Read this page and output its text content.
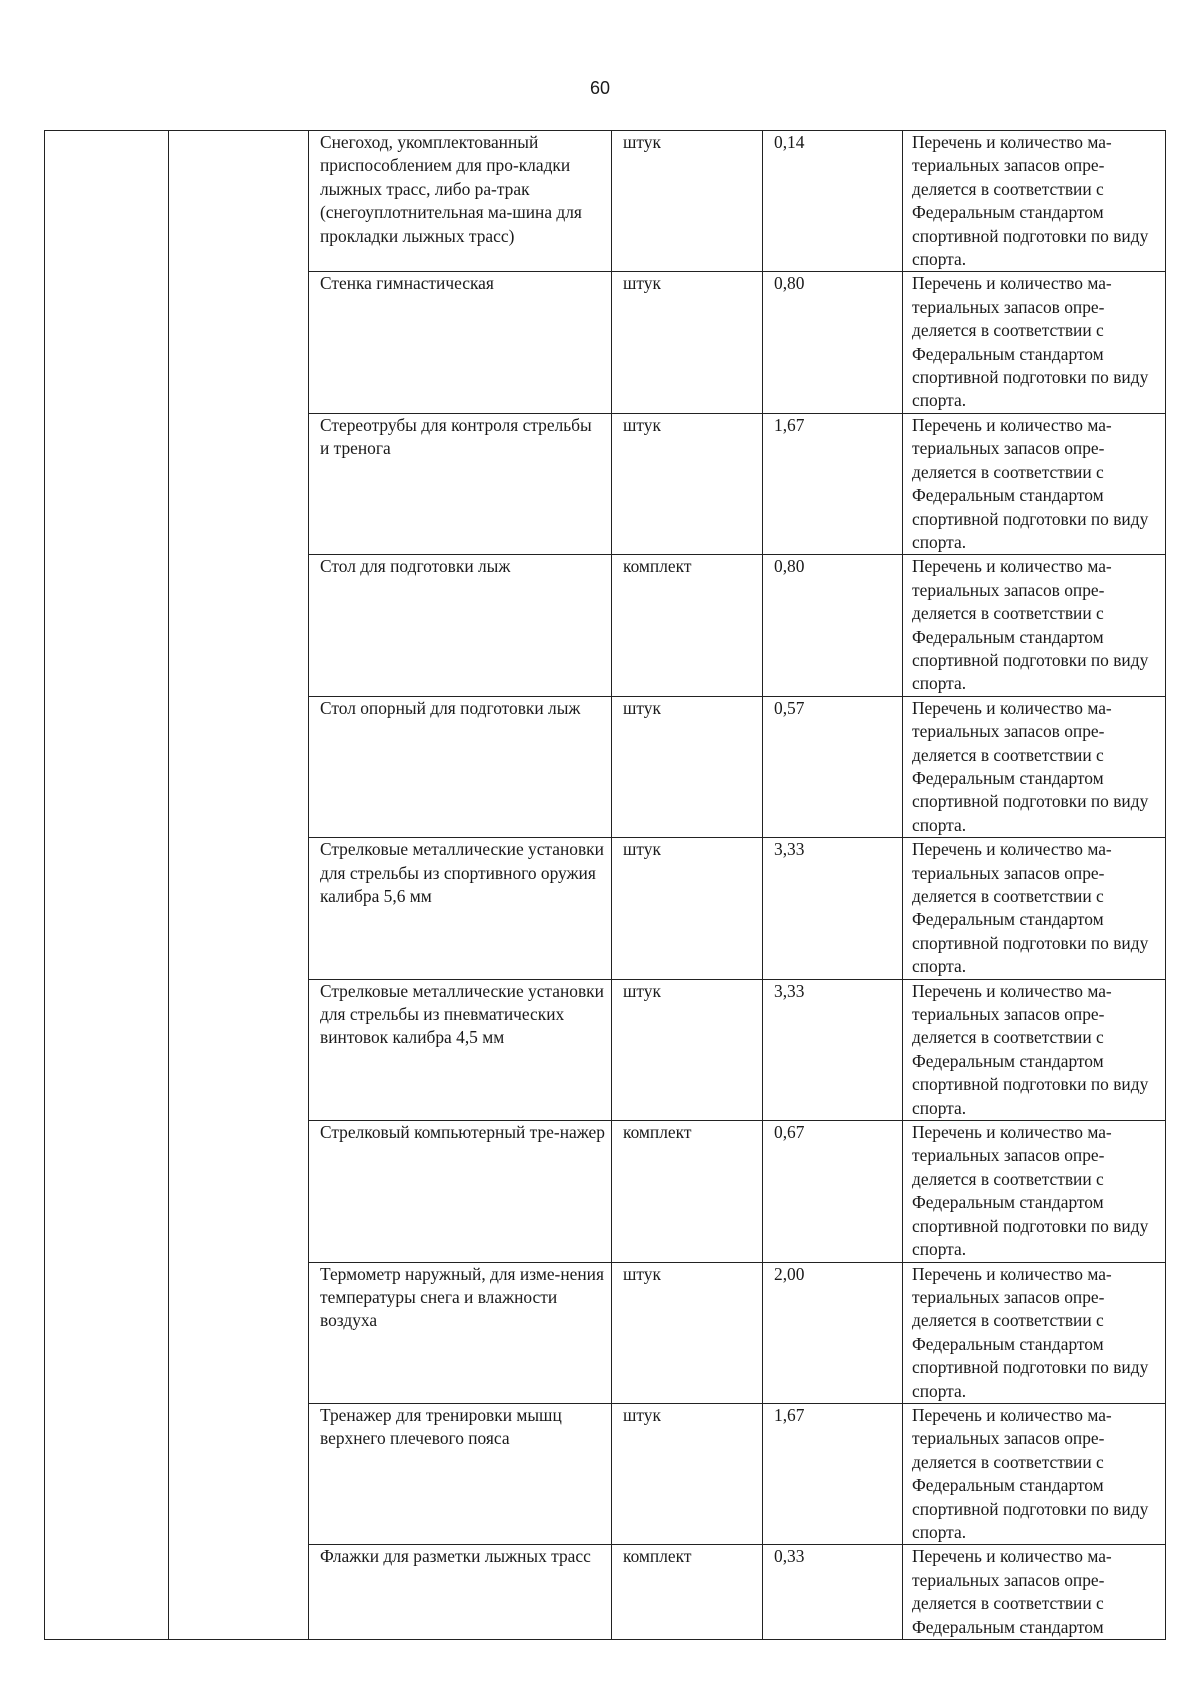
60
		Снегоход, укомплектованный приспособлением для про-кладки лыжных трасс, либо ра-трак (снегоуплотнительная ма-шина для прокладки лыжных трасс)	штук	0,14	Перечень и количество ма-териальных запасов опре-деляется в соответствии с Федеральным стандартом спортивной подготовки по виду спорта.
		Стенка гимнастическая	штук	0,80	Перечень и количество ма-териальных запасов опре-деляется в соответствии с Федеральным стандартом спортивной подготовки по виду спорта.
		Стереотрубы для контроля стрельбы и тренога	штук	1,67	Перечень и количество ма-териальных запасов опре-деляется в соответствии с Федеральным стандартом спортивной подготовки по виду спорта.
		Стол для подготовки лыж	комплект	0,80	Перечень и количество ма-териальных запасов опре-деляется в соответствии с Федеральным стандартом спортивной подготовки по виду спорта.
		Стол опорный для подготовки лыж	штук	0,57	Перечень и количество ма-териальных запасов опре-деляется в соответствии с Федеральным стандартом спортивной подготовки по виду спорта.
		Стрелковые металлические установки для стрельбы из спортивного оружия калибра 5,6 мм	штук	3,33	Перечень и количество ма-териальных запасов опре-деляется в соответствии с Федеральным стандартом спортивной подготовки по виду спорта.
		Стрелковые металлические установки для стрельбы из пневматических винтовок калибра 4,5 мм	штук	3,33	Перечень и количество ма-териальных запасов опре-деляется в соответствии с Федеральным стандартом спортивной подготовки по виду спорта.
		Стрелковый компьютерный тре-нажер	комплект	0,67	Перечень и количество ма-териальных запасов опре-деляется в соответствии с Федеральным стандартом спортивной подготовки по виду спорта.
		Термометр наружный, для изме-нения температуры снега и влажности воздуха	штук	2,00	Перечень и количество ма-териальных запасов опре-деляется в соответствии с Федеральным стандартом спортивной подготовки по виду спорта.
		Тренажер для тренировки мышц верхнего плечевого пояса	штук	1,67	Перечень и количество ма-териальных запасов опре-деляется в соответствии с Федеральным стандартом спортивной подготовки по виду спорта.
		Флажки для разметки лыжных трасс	комплект	0,33	Перечень и количество ма-териальных запасов опре-деляется в соответствии с Федеральным стандартом
